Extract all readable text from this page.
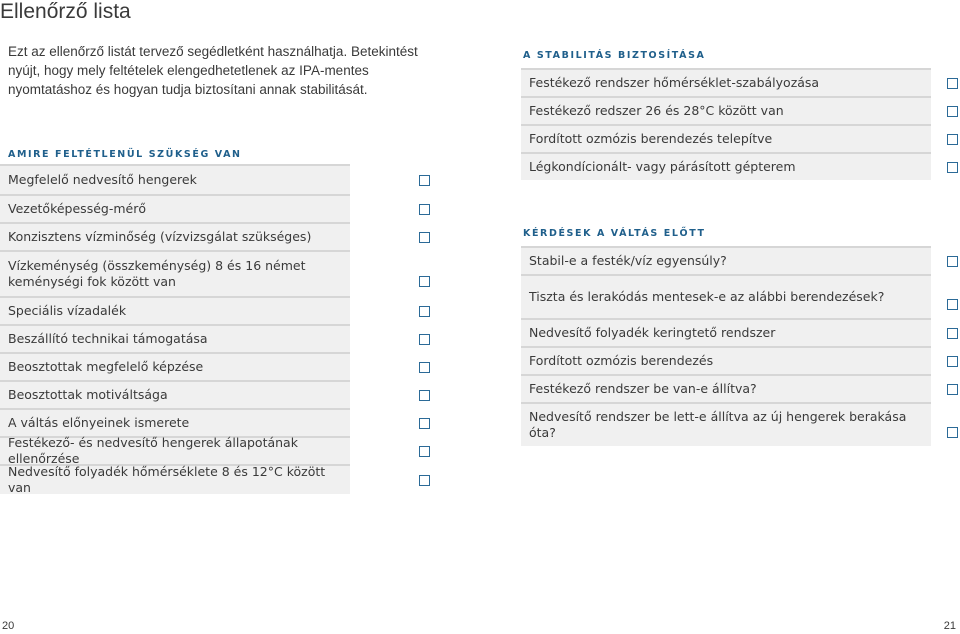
Ellenőrző lista
Ezt az ellenőrző listát tervező segédletként használhatja. Betekintést nyújt, hogy mely feltételek elengedhetetlenek az IPA-mentes nyomtatáshoz és hogyan tudja biztosítani annak stabilitását.
AMIRE FELTÉTLENÜL SZÜKSÉG VAN
Megfelelő nedvesítő hengerek
Vezetőképesség-mérő
Konzisztens vízminőség (vízvizsgálat szükséges)
Vízkeménység (összkeménység) 8 és 16 német keménységi fok között van
Speciális vízadalék
Beszállító technikai támogatása
Beosztottak megfelelő képzése
Beosztottak motiváltsága
A váltás előnyeinek ismerete
Festékező- és nedvesítő hengerek állapotának ellenőrzése
Nedvesítő folyadék hőmérséklete 8 és 12°C között van
A STABILITÁS BIZTOSÍTÁSA
Festékező rendszer hőmérséklet-szabályozása
Festékező redszer 26 és 28°C között van
Fordított ozmózis berendezés telepítve
Légkondícionált- vagy párásított gépterem
KÉRDÉSEK A VÁLTÁS ELŐTT
Stabil-e a festék/víz egyensúly?
Tiszta és lerakódás mentesek-e az alábbi berendezések?
Nedvesítő folyadék keringtető rendszer
Fordított ozmózis berendezés
Festékező rendszer be van-e állítva?
Nedvesítő rendszer be lett-e állítva az új hengerek berakása óta?
20	21
